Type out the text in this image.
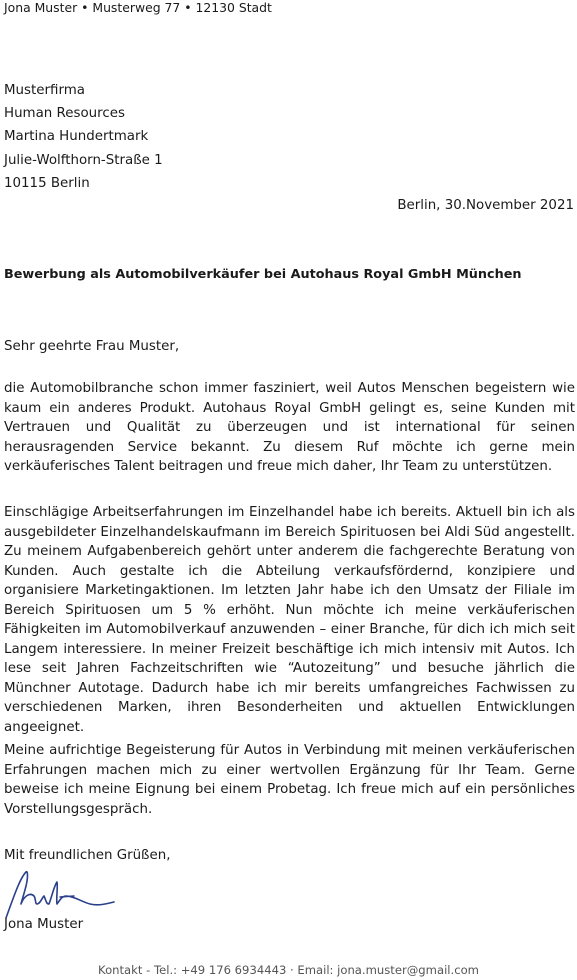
Jona Muster • Musterweg 77 • 12130 Stadt
Musterfirma
Human Resources
Martina Hundertmark
Julie-Wolfthorn-Straße 1
10115 Berlin
Berlin, 30.November 2021
Bewerbung als Automobilverkäufer bei Autohaus Royal GmbH München
Sehr geehrte Frau Muster,

die Automobilbranche schon immer fasziniert, weil Autos Menschen begeistern wie kaum ein anderes Produkt. Autohaus Royal GmbH gelingt es, seine Kunden mit Vertrauen und Qualität zu überzeugen und ist international für seinen herausragenden Service bekannt. Zu diesem Ruf möchte ich gerne mein verkäuferisches Talent beitragen und freue mich daher, Ihr Team zu unterstützen.

Einschlägige Arbeitserfahrungen im Einzelhandel habe ich bereits. Aktuell bin ich als ausgebildeter Einzelhandelskaufmann im Bereich Spirituosen bei Aldi Süd angestellt. Zu meinem Aufgabenbereich gehört unter anderem die fachgerechte Beratung von Kunden. Auch gestalte ich die Abteilung verkaufsfördernd, konzipiere und organisiere Marketingaktionen. Im letzten Jahr habe ich den Umsatz der Filiale im Bereich Spirituosen um 5 % erhöht. Nun möchte ich meine verkäuferischen Fähigkeiten im Automobilverkauf anzuwenden – einer Branche, für dich ich mich seit Langem interessiere. In meiner Freizeit beschäftige ich mich intensiv mit Autos. Ich lese seit Jahren Fachzeitschriften wie “Autozeitung” und besuche jährlich die Münchner Autotage. Dadurch habe ich mir bereits umfangreiches Fachwissen zu verschiedenen Marken, ihren Besonderheiten und aktuellen Entwicklungen angeeignet.

Meine aufrichtige Begeisterung für Autos in Verbindung mit meinen verkäuferischen Erfahrungen machen mich zu einer wertvollen Ergänzung für Ihr Team. Gerne beweise ich meine Eignung bei einem Probetag. Ich freue mich auf ein persönliches Vorstellungsgespräch.

Mit freundlichen Grüßen,
Jona Muster
Kontakt - Tel.: +49 176 6934443 · Email: jona.muster@gmail.com
